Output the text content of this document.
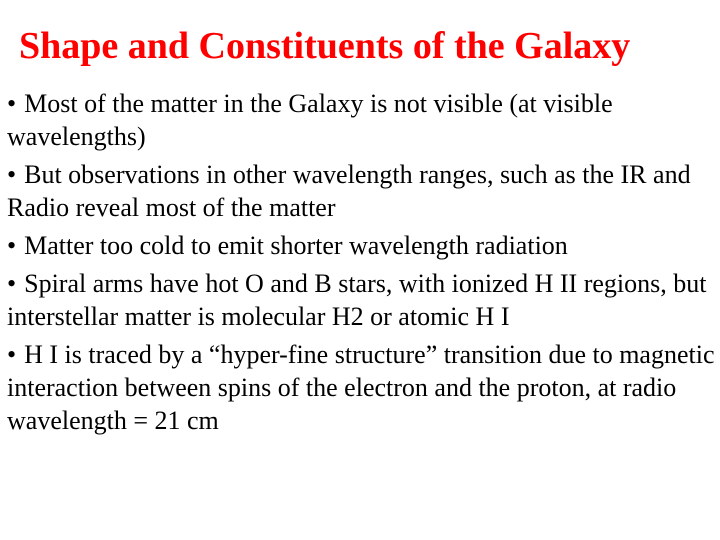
Shape and Constituents of the Galaxy
• Most of the matter in the Galaxy is not visible (at visible wavelengths)
• But observations in other wavelength ranges, such as the IR and Radio reveal most of the matter
• Matter too cold to emit shorter wavelength radiation
• Spiral arms have hot O and B stars, with ionized H II regions, but interstellar matter is molecular H2 or atomic H I
• H I is traced by a “hyper-fine structure” transition due to magnetic interaction between spins of the electron and the proton, at radio wavelength = 21 cm
